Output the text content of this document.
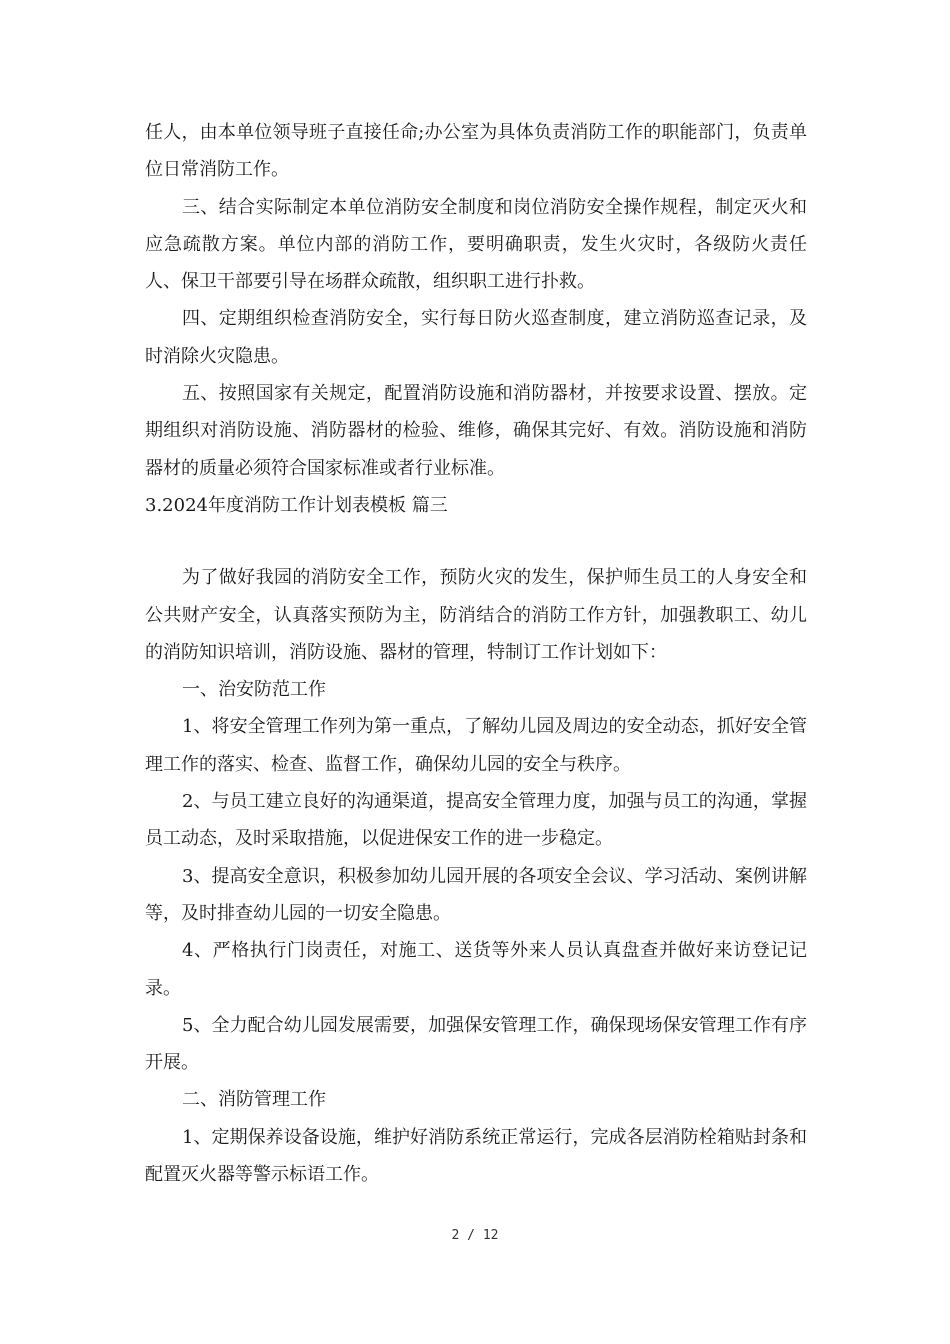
任人，由本单位领导班子直接任命;办公室为具体负责消防工作的职能部门，负责单位日常消防工作。

三、结合实际制定本单位消防安全制度和岗位消防安全操作规程，制定灭火和应急疏散方案。单位内部的消防工作，要明确职责，发生火灾时，各级防火责任人、保卫干部要引导在场群众疏散，组织职工进行扑救。

四、定期组织检查消防安全，实行每日防火巡查制度，建立消防巡查记录，及时消除火灾隐患。

五、按照国家有关规定，配置消防设施和消防器材，并按要求设置、摆放。定期组织对消防设施、消防器材的检验、维修，确保其完好、有效。消防设施和消防器材的质量必须符合国家标准或者行业标准。

3.2024年度消防工作计划表模板 篇三

为了做好我园的消防安全工作，预防火灾的发生，保护师生员工的人身安全和公共财产安全，认真落实预防为主，防消结合的消防工作方针，加强教职工、幼儿的消防知识培训，消防设施、器材的管理，特制订工作计划如下：

一、治安防范工作

1、将安全管理工作列为第一重点，了解幼儿园及周边的安全动态，抓好安全管理工作的落实、检查、监督工作，确保幼儿园的安全与秩序。

2、与员工建立良好的沟通渠道，提高安全管理力度，加强与员工的沟通，掌握员工动态，及时采取措施，以促进保安工作的进一步稳定。

3、提高安全意识，积极参加幼儿园开展的各项安全会议、学习活动、案例讲解等，及时排查幼儿园的一切安全隐患。

4、严格执行门岗责任，对施工、送货等外来人员认真盘查并做好来访登记记录。

5、全力配合幼儿园发展需要，加强保安管理工作，确保现场保安管理工作有序开展。

二、消防管理工作

1、定期保养设备设施，维护好消防系统正常运行，完成各层消防栓箱贴封条和配置灭火器等警示标语工作。

2 / 12
